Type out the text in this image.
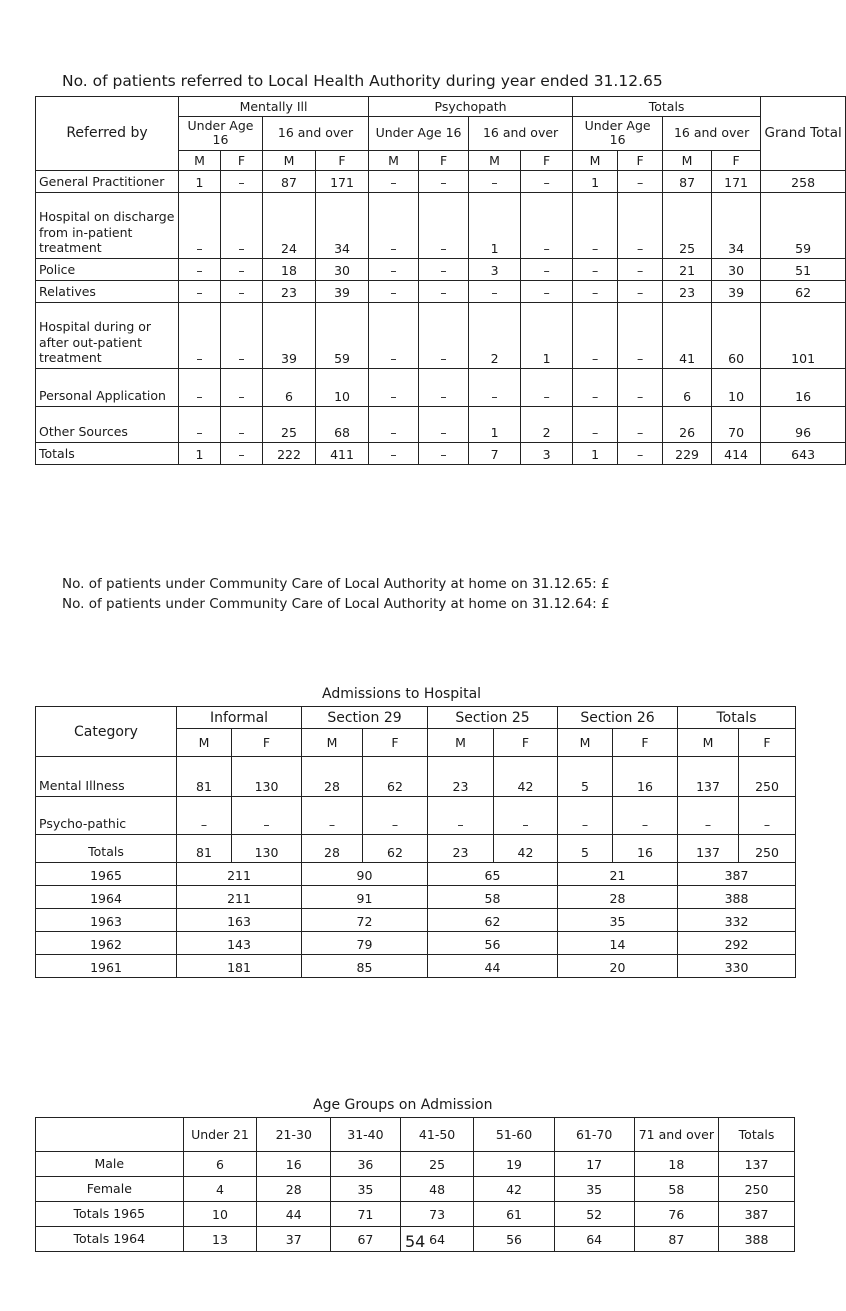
No. of patients referred to Local Health Authority during year ended 31.12.65
Referred by	Mentally Ill				Psychopath				Totals				Grand Total
	Under Age 16		16 and over		Under Age 16		16 and over		Under Age 16		16 and over		
	M	F	M	F	M	F	M	F	M	F	M	F	
General Practitioner	1	–	87	171	–	–	–	–	1	–	87	171	258
Hospital on discharge from in-patient treatment	–	–	24	34	–	–	1	–	–	–	25	34	59
Police	–	–	18	30	–	–	3	–	–	–	21	30	51
Relatives	–	–	23	39	–	–	–	–	–	–	23	39	62
Hospital during or after out-patient treatment	–	–	39	59	–	–	2	1	–	–	41	60	101
Personal Application	–	–	6	10	–	–	–	–	–	–	6	10	16
Other Sources	–	–	25	68	–	–	1	2	–	–	26	70	96
Totals	1	–	222	411	–	–	7	3	1	–	229	414	643
No. of patients under Community Care of Local Authority at home on 31.12.65: £
No. of patients under Community Care of Local Authority at home on 31.12.64: £
Admissions to Hospital
Category	Informal		Section 29		Section 25		Section 26		Totals	
	M	F	M	F	M	F	M	F	M	F
Mental Illness	81	130	28	62	23	42	5	16	137	250
Psycho-pathic	–	–	–	–	–	–	–	–	–	–
Totals	81	130	28	62	23	42	5	16	137	250
1965	211		90		65		21		387	
1964	211		91		58		28		388	
1963	163		72		62		35		332	
1962	143		79		56		14		292	
1961	181		85		44		20		330	
Age Groups on Admission
	Under 21	21-30	31-40	41-50	51-60	61-70	71 and over	Totals
Male	6	16	36	25	19	17	18	137
Female	4	28	35	48	42	35	58	250
Totals 1965	10	44	71	73	61	52	76	387
Totals 1964	13	37	67	64	56	64	87	388
54
